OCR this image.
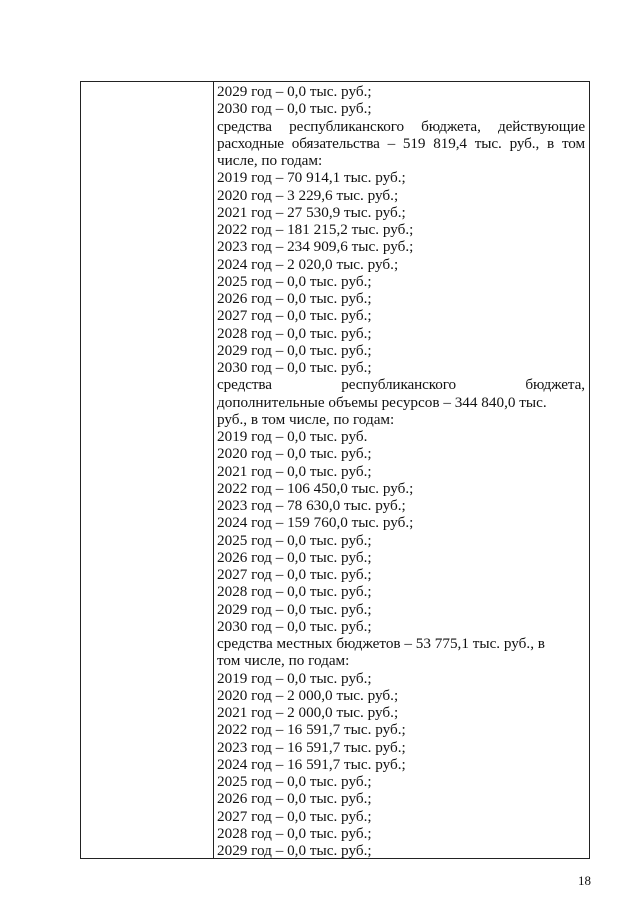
2029 год – 0,0 тыс. руб.;
2030 год – 0,0 тыс. руб.;
средства республиканского бюджета, действующие
расходные обязательства – 519 819,4 тыс. руб., в том
числе, по годам:
2019 год – 70 914,1 тыс. руб.;
2020 год – 3 229,6 тыс. руб.;
2021 год – 27 530,9 тыс. руб.;
2022 год – 181 215,2 тыс. руб.;
2023 год – 234 909,6 тыс. руб.;
2024 год – 2 020,0 тыс. руб.;
2025 год – 0,0 тыс. руб.;
2026 год – 0,0 тыс. руб.;
2027 год – 0,0 тыс. руб.;
2028 год – 0,0 тыс. руб.;
2029 год – 0,0 тыс. руб.;
2030 год – 0,0 тыс. руб.;
средства республиканского бюджета,
дополнительные объемы ресурсов – 344 840,0 тыс.
руб., в том числе, по годам:
2019 год – 0,0 тыс. руб.
2020 год – 0,0 тыс. руб.;
2021 год – 0,0 тыс. руб.;
2022 год – 106 450,0 тыс. руб.;
2023 год – 78 630,0 тыс. руб.;
2024 год – 159 760,0 тыс. руб.;
2025 год – 0,0 тыс. руб.;
2026 год – 0,0 тыс. руб.;
2027 год – 0,0 тыс. руб.;
2028 год – 0,0 тыс. руб.;
2029 год – 0,0 тыс. руб.;
2030 год – 0,0 тыс. руб.;
средства местных бюджетов – 53 775,1 тыс. руб., в
том числе, по годам:
2019 год – 0,0 тыс. руб.;
2020 год – 2 000,0 тыс. руб.;
2021 год – 2 000,0 тыс. руб.;
2022 год – 16 591,7 тыс. руб.;
2023 год – 16 591,7 тыс. руб.;
2024 год – 16 591,7 тыс. руб.;
2025 год – 0,0 тыс. руб.;
2026 год – 0,0 тыс. руб.;
2027 год – 0,0 тыс. руб.;
2028 год – 0,0 тыс. руб.;
2029 год – 0,0 тыс. руб.;
18
